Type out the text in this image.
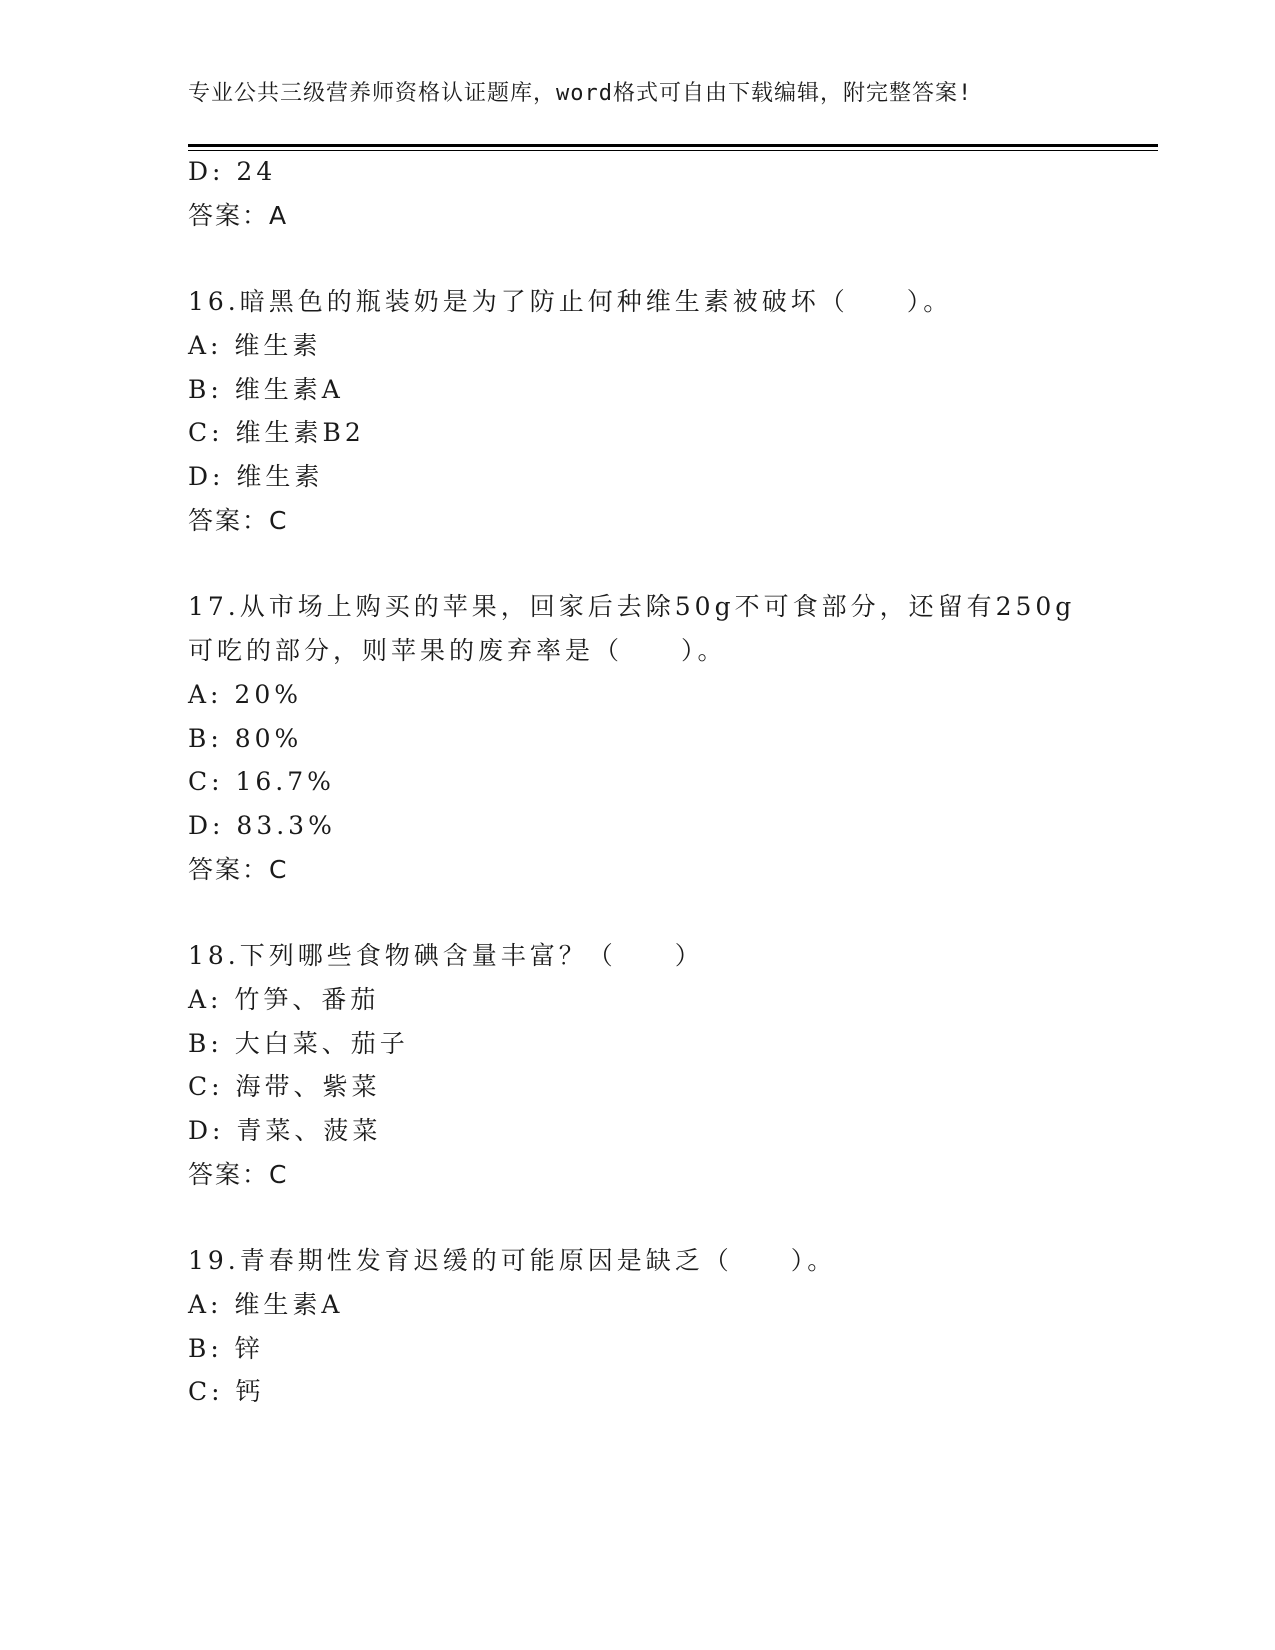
专业公共三级营养师资格认证题库，word格式可自由下载编辑，附完整答案!
D: 24
答案：A
16.暗黑色的瓶装奶是为了防止何种维生素被破坏（　　）。
A: 维生素
B: 维生素A
C: 维生素B2
D: 维生素
答案：C
17.从市场上购买的苹果，回家后去除50g不可食部分，还留有250g
可吃的部分，则苹果的废弃率是（　　）。
A: 20%
B: 80%
C: 16.7%
D: 83.3%
答案：C
18.下列哪些食物碘含量丰富？（　　）
A: 竹笋、番茄
B: 大白菜、茄子
C: 海带、紫菜
D: 青菜、菠菜
答案：C
19.青春期性发育迟缓的可能原因是缺乏（　　）。
A: 维生素A
B: 锌
C: 钙
